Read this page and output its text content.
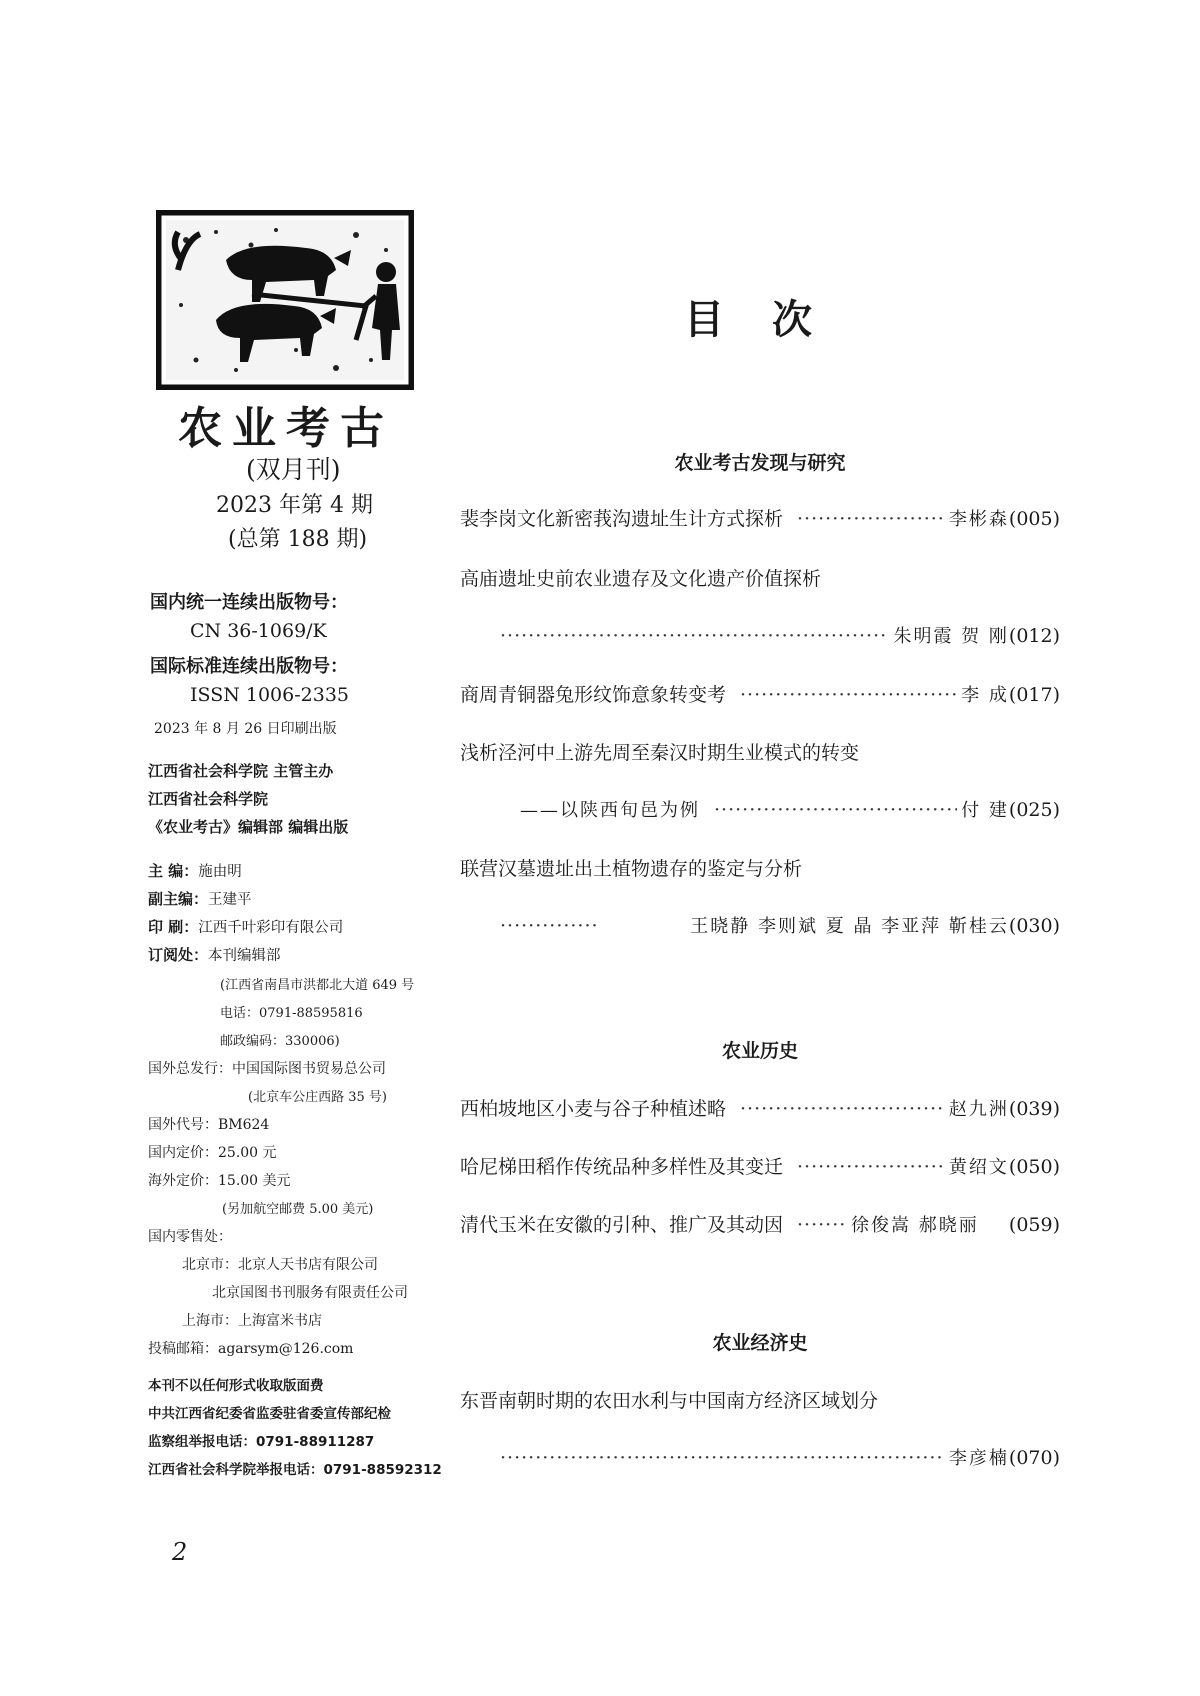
农业考古
(双月刊)
2023 年第 4 期
(总第 188 期)
国内统一连续出版物号：
CN 36-1069/K
国际标准连续出版物号：
ISSN 1006-2335
2023 年 8 月 26 日印刷出版
江西省社会科学院 主管主办
江西省社会科学院
《农业考古》编辑部 编辑出版
主 编：施由明
副主编：王建平
印 刷：江西千叶彩印有限公司
订阅处：本刊编辑部
(江西省南昌市洪都北大道 649 号
电话：0791-88595816
邮政编码：330006)
国外总发行：中国国际图书贸易总公司
(北京车公庄西路 35 号)
国外代号：BM624
国内定价：25.00 元
海外定价：15.00 美元
(另加航空邮费 5.00 美元)
国内零售处：
北京市：北京人天书店有限公司
北京国图书刊服务有限责任公司
上海市：上海富米书店
投稿邮箱：agarsym@126.com
本刊不以任何形式收取版面费
中共江西省纪委省监委驻省委宣传部纪检
监察组举报电话：0791-88911287
江西省社会科学院举报电话：0791-88592312
2
目次
农业考古发现与研究
裴李岗文化新密莪沟遗址生计方式探析 ·····	李彬森 (005)
高庙遗址史前农业遗存及文化遗产价值探析
·····
朱明霞 贺 刚 (012)
商周青铜器兔形纹饰意象转变考 ·····	李 成 (017)
浅析泾河中上游先周至秦汉时期生业模式的转变
——以陕西旬邑为例 ·····	付 建 (025)
联营汉墓遗址出土植物遗存的鉴定与分析
·····
王晓静 李则斌 夏 晶 李亚萍 靳桂云 (030)
农业历史
西柏坡地区小麦与谷子种植述略 ·····	赵九洲 (039)
哈尼梯田稻作传统品种多样性及其变迁 ·····	黄绍文 (050)
清代玉米在安徽的引种、推广及其动因 ·····	徐俊嵩 郝晓丽	(059)
农业经济史
东晋南朝时期的农田水利与中国南方经济区域划分
·····
李彦楠 (070)
